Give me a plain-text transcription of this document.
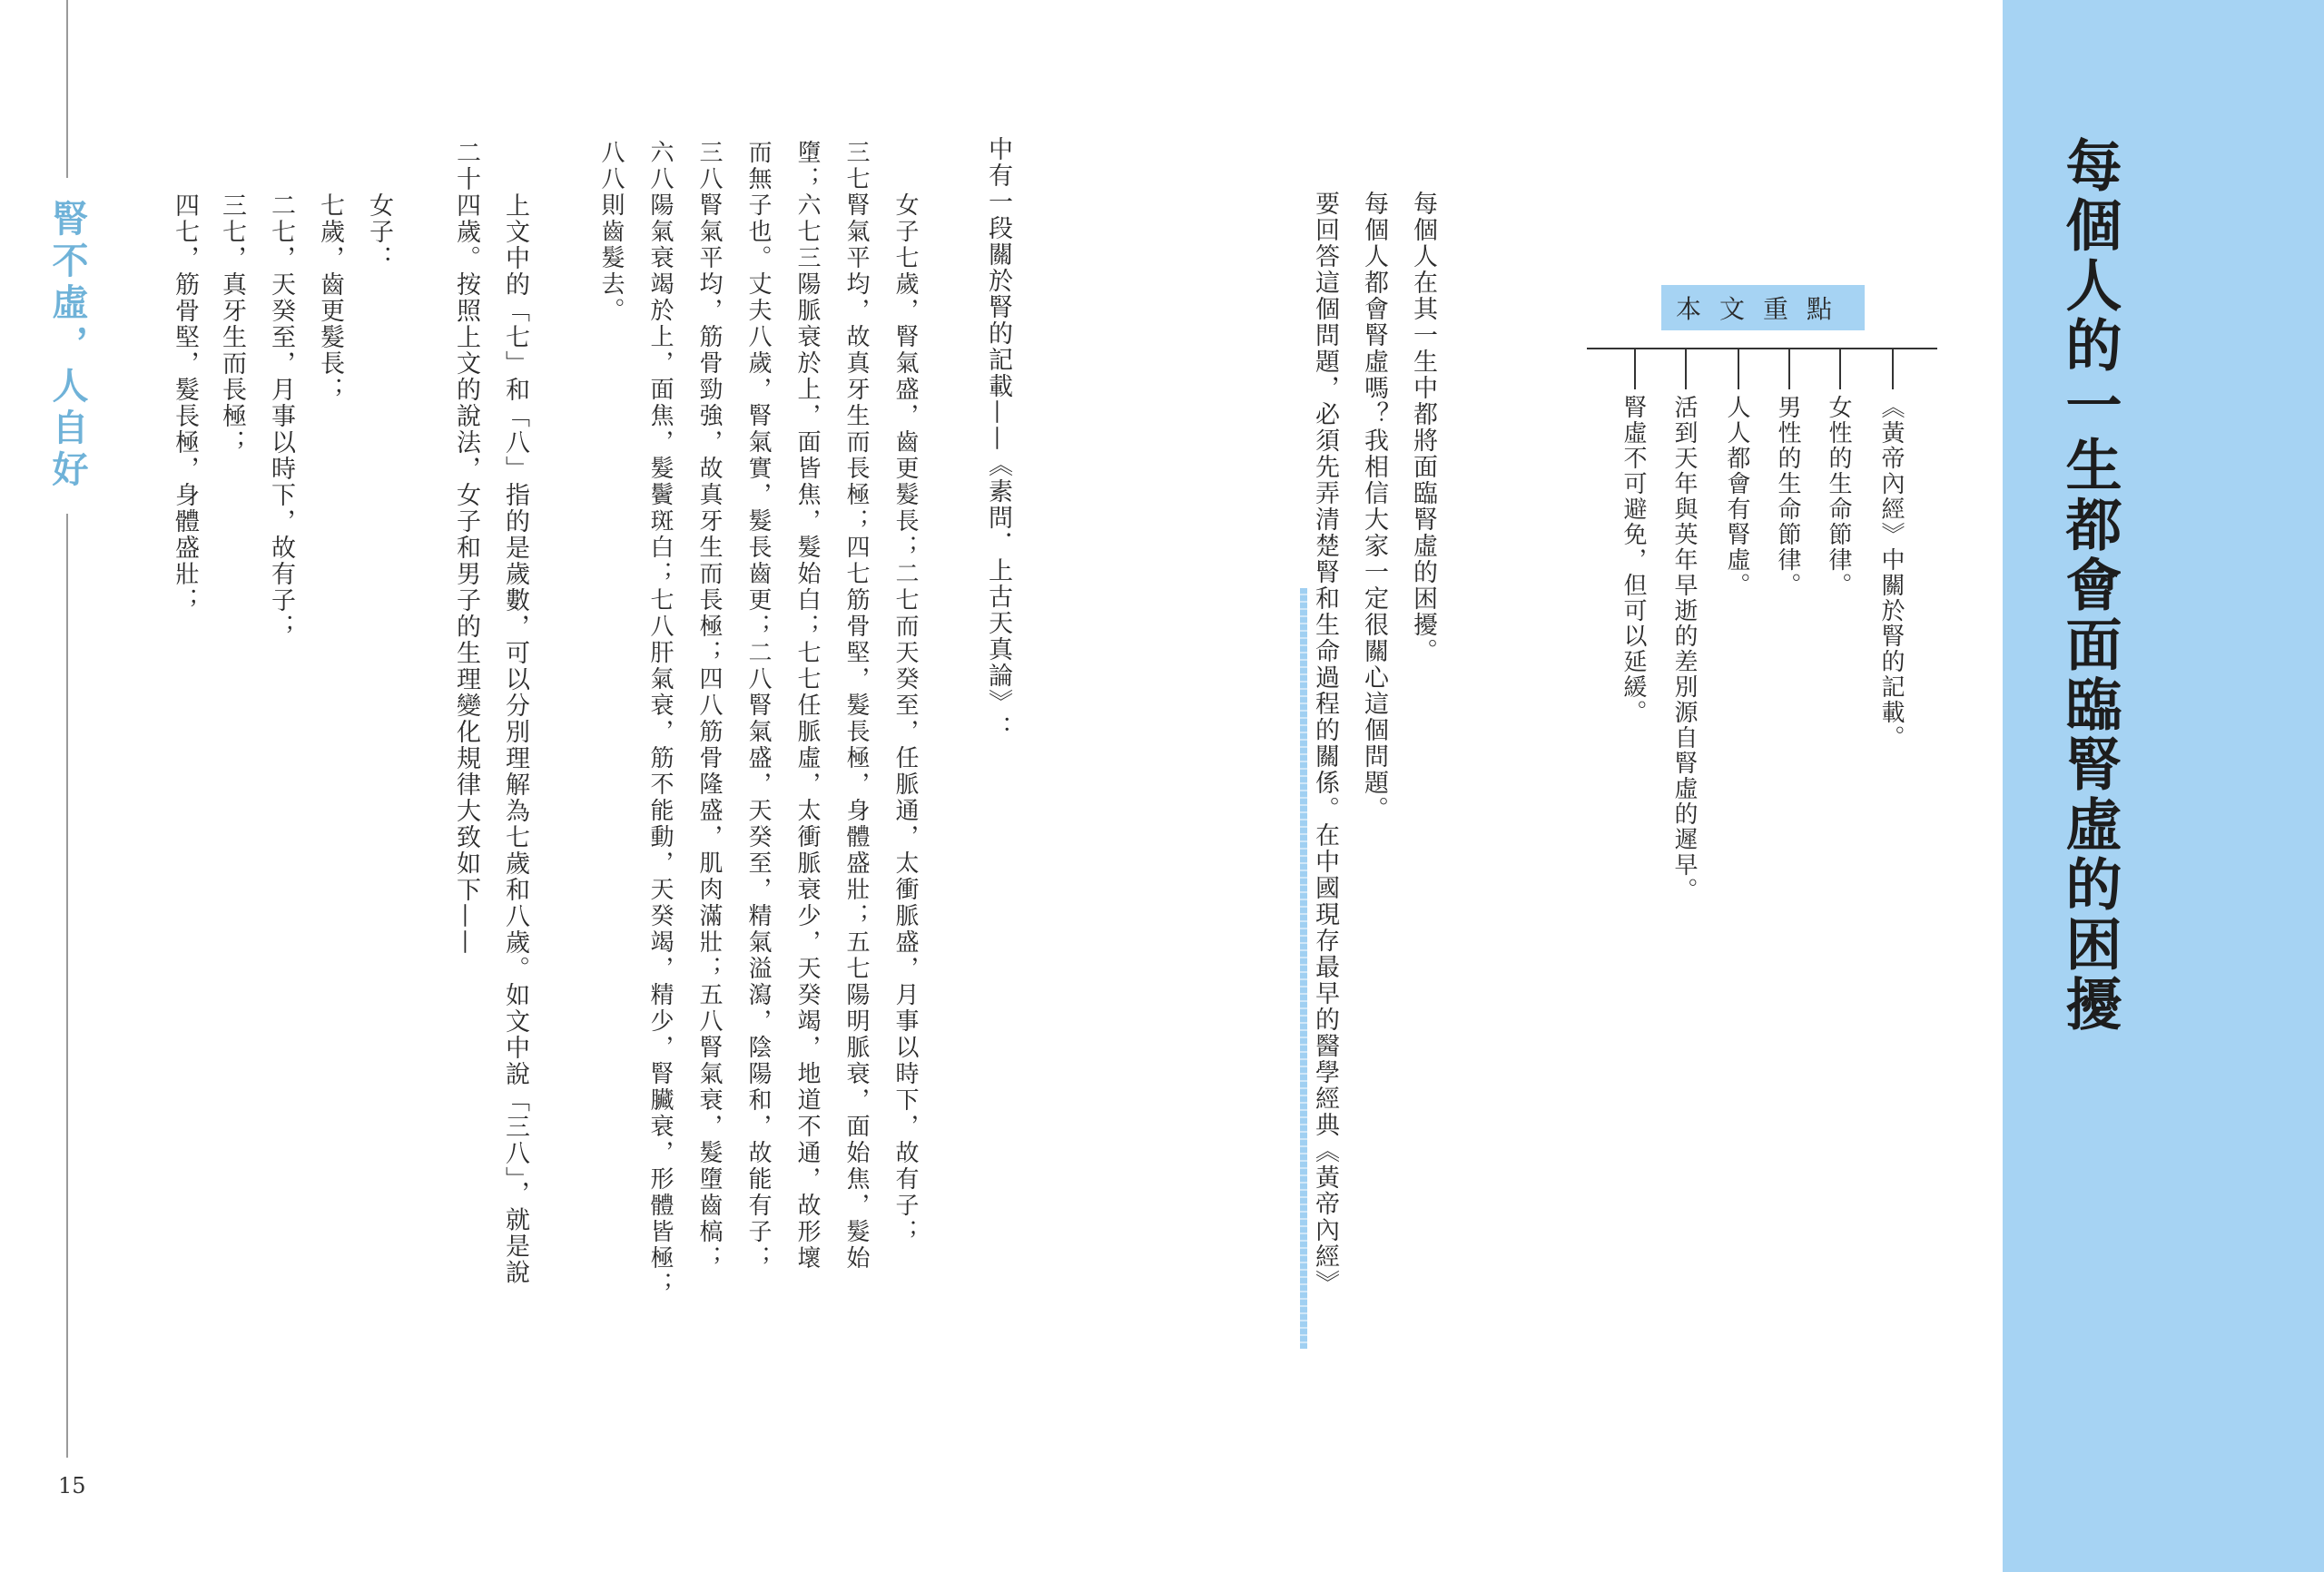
每個人的一生都會面臨腎虛的困擾
本文重點
《黃帝內經》中關於腎的記載。
女性的生命節律。
男性的生命節律。
人人都會有腎虛。
活到天年與英年早逝的差別源自腎虛的遲早。
腎虛不可避免，但可以延緩。
每個人在其一生中都將面臨腎虛的困擾。
每個人都會腎虛嗎？我相信大家一定很關心這個問題。
要回答這個問題，必須先弄清楚腎和生命過程的關係。在中國現存最早的醫學經典《黃帝內經》
中有一段關於腎的記載——《素問．上古天真論》：
女子七歲，腎氣盛，齒更髮長；二七而天癸至，任脈通，太衝脈盛，月事以時下，故有子；
三七腎氣平均，故真牙生而長極；四七筋骨堅，髮長極，身體盛壯；五七陽明脈衰，面始焦，髮始
墮；六七三陽脈衰於上，面皆焦，髮始白；七七任脈虛，太衝脈衰少，天癸竭，地道不通，故形壞
而無子也。丈夫八歲，腎氣實，髮長齒更；二八腎氣盛，天癸至，精氣溢瀉，陰陽和，故能有子；
三八腎氣平均，筋骨勁強，故真牙生而長極；四八筋骨隆盛，肌肉滿壯；五八腎氣衰，髮墮齒槁；
六八陽氣衰竭於上，面焦，髮鬢斑白；七八肝氣衰，筋不能動，天癸竭，精少，腎臟衰，形體皆極；
八八則齒髮去。
上文中的「七」和「八」指的是歲數，可以分別理解為七歲和八歲。如文中說「三八」，就是說
二十四歲。按照上文的說法，女子和男子的生理變化規律大致如下——
女子：
七歲，齒更髮長；
二七，天癸至，月事以時下，故有子；
三七，真牙生而長極；
四七，筋骨堅，髮長極，身體盛壯；
腎不虛，人自好
15
